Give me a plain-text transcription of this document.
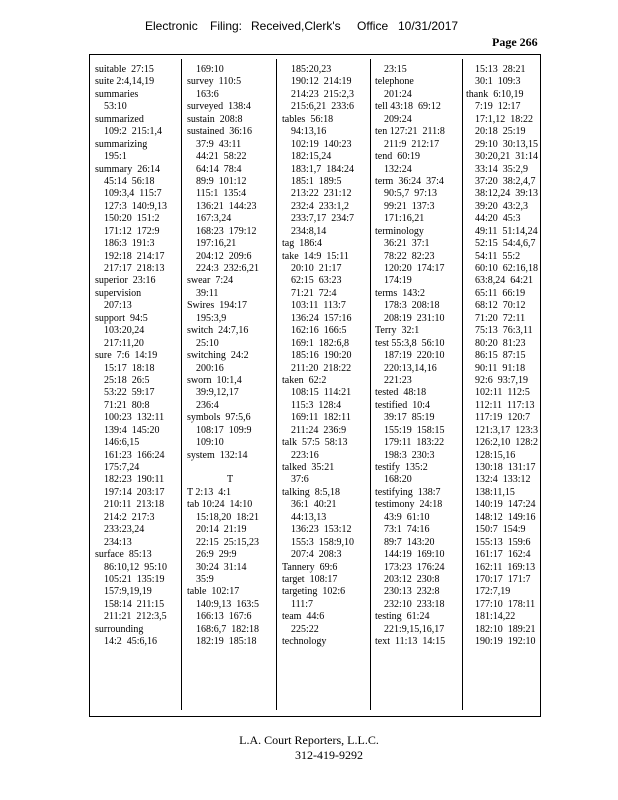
Electronic Filing: Received,Clerk's Office 10/31/2017
Page 266
suitable  27:15
suite 2:4,14,19
summaries
53:10
summarized
109:2  215:1,4
summarizing
195:1
summary  26:14
45:14  56:18
109:3,4  115:7
127:3  140:9,13
150:20  151:2
171:12  172:9
186:3  191:3
192:18  214:17
217:17  218:13
superior  23:16
supervision
207:13
support  94:5
103:20,24
217:11,20
sure  7:6  14:19
15:17  18:18
25:18  26:5
53:22  59:17
71:21  80:8
100:23  132:11
139:4  145:20
146:6,15
161:23  166:24
175:7,24
182:23  190:11
197:14  203:17
210:11  213:18
214:2  217:3
233:23,24
234:13
surface  85:13
86:10,12  95:10
105:21  135:19
157:9,19,19
158:14  211:15
211:21  212:3,5
surrounding
14:2  45:6,16
169:10
survey  110:5
163:6
surveyed  138:4
sustain  208:8
sustained  36:16
37:9  43:11
44:21  58:22
64:14  78:4
89:9  101:12
115:1  135:4
136:21  144:23
167:3,24
168:23  179:12
197:16,21
204:12  209:6
224:3  232:6,21
swear  7:24
39:11
Swires  194:17
195:3,9
switch  24:7,16
25:10
switching  24:2
200:16
sworn  10:1,4
39:9,12,17
236:4
symbols  97:5,6
108:17  109:9
109:10
system  132:14
T
T 2:13  4:1
tab 10:24  14:10
15:18,20  18:21
20:14  21:19
22:15  25:15,23
26:9  29:9
30:24  31:14
35:9
table  102:17
140:9,13  163:5
166:13  167:6
168:6,7  182:18
182:19  185:18
185:20,23
190:12  214:19
214:23  215:2,3
215:6,21  233:6
tables  56:18
94:13,16
102:19  140:23
182:15,24
183:1,7  184:24
185:1  189:5
213:22  231:12
232:4  233:1,2
233:7,17  234:7
234:8,14
tag  186:4
take  14:9  15:11
20:10  21:17
62:15  63:23
71:21  72:4
103:11  113:7
136:24  157:16
162:16  166:5
169:1  182:6,8
185:16  190:20
211:20  218:22
taken  62:2
108:15  114:21
115:3  128:4
169:11  182:11
211:24  236:9
talk  57:5  58:13
223:16
talked  35:21
37:6
talking  8:5,18
36:1  40:21
44:13,13
136:23  153:12
155:3  158:9,10
207:4  208:3
Tannery  69:6
target  108:17
targeting  102:6
111:7
team  44:6
225:22
technology
23:15
telephone
201:24
tell 43:18  69:12
209:24
ten 127:21  211:8
211:9  212:17
tend  60:19
132:24
term  36:24  37:4
90:5,7  97:13
99:21  137:3
171:16,21
terminology
36:21  37:1
78:22  82:23
120:20  174:17
174:19
terms  143:2
178:3  208:18
208:19  231:10
Terry  32:1
test 55:3,8  56:10
187:19  220:10
220:13,14,16
221:23
tested  48:18
testified  10:4
39:17  85:19
155:19  158:15
179:11  183:22
198:3  230:3
testify  135:2
168:20
testifying  138:7
testimony  24:18
43:9  61:10
73:1  74:16
89:7  143:20
144:19  169:10
173:23  176:24
203:12  230:8
230:13  232:8
232:10  233:18
testing  61:24
221:9,15,16,17
text  11:13  14:15
15:13  28:21
30:1  109:3
thank  6:10,19
7:19  12:17
17:1,12  18:22
20:18  25:19
29:10  30:13,15
30:20,21  31:14
33:14  35:2,9
37:20  38:2,4,7
38:12,24  39:13
39:20  43:2,3
44:20  45:3
49:11  51:14,24
52:15  54:4,6,7
54:11  55:2
60:10  62:16,18
63:8,24  64:21
65:11  66:19
68:12  70:12
71:20  72:11
75:13  76:3,11
80:20  81:23
86:15  87:15
90:11  91:18
92:6  93:7,19
102:11  112:5
112:11  117:13
117:19  120:7
121:3,17  123:3
126:2,10  128:2
128:15,16
130:18  131:17
132:4  133:12
138:11,15
140:19  147:24
148:12  149:16
150:7  154:9
155:13  159:6
161:17  162:4
162:11  169:13
170:17  171:7
172:7,19
177:10  178:11
181:14,22
182:10  189:21
190:19  192:10
L.A. Court Reporters, L.L.C.
312-419-9292
